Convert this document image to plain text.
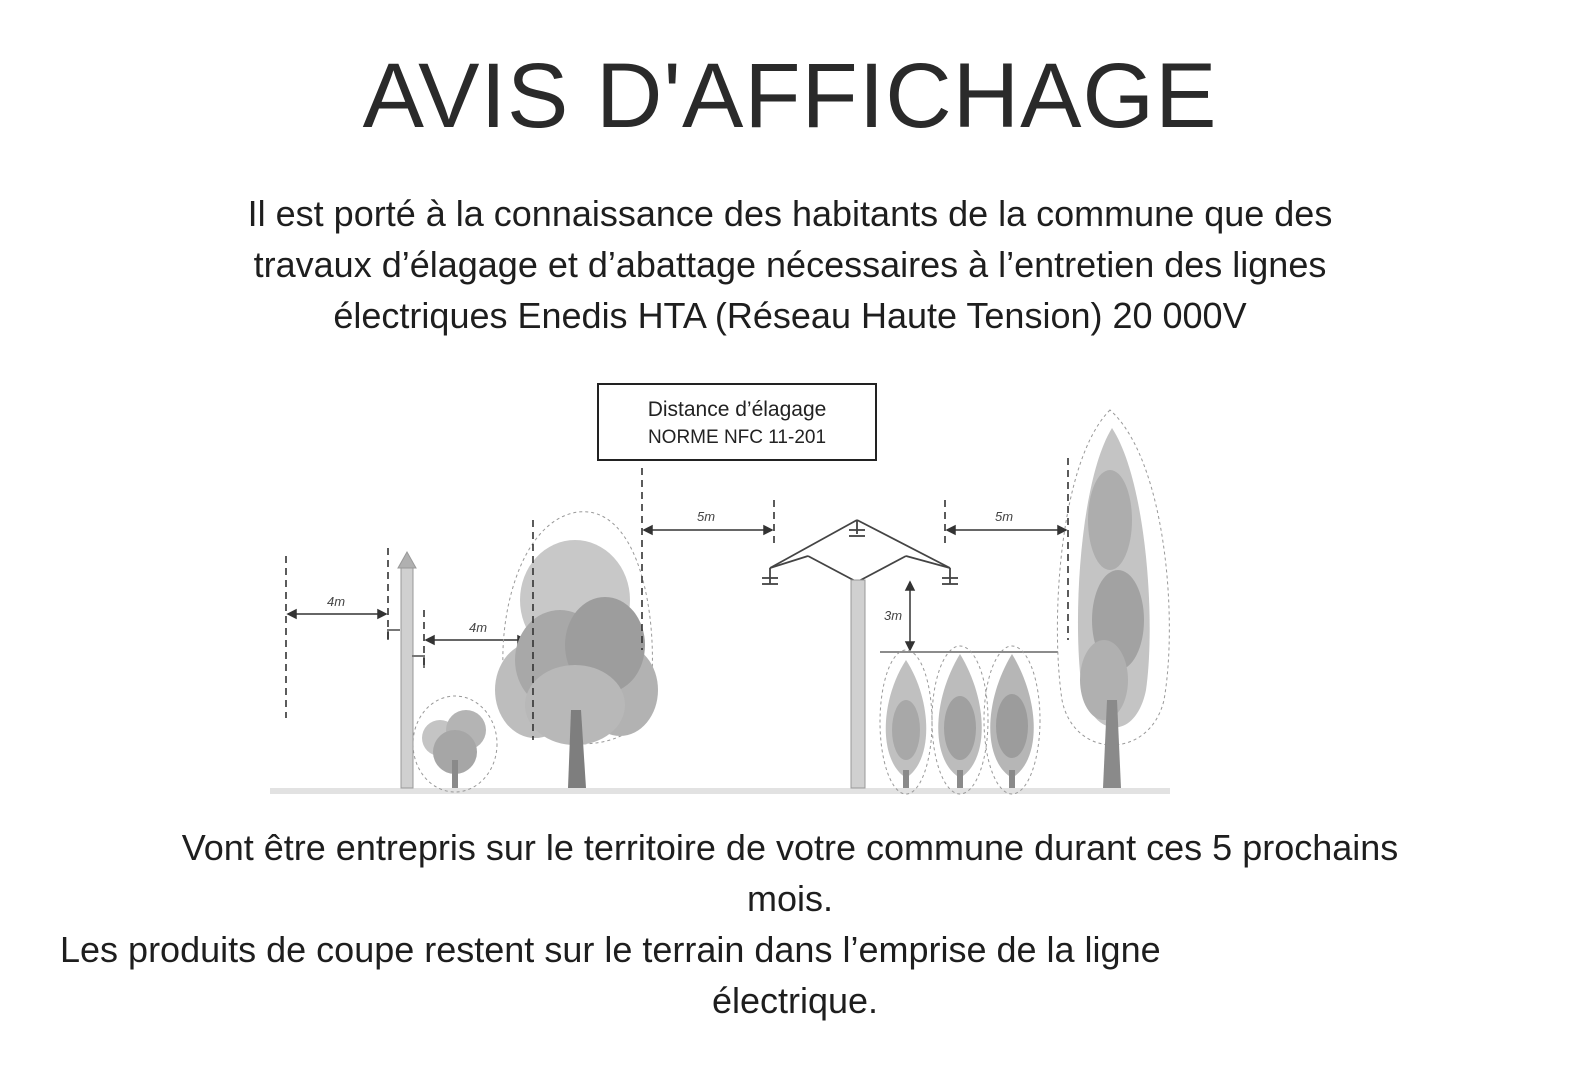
AVIS D'AFFICHAGE
Il est porté à la connaissance des habitants de la commune que des
travaux d’élagage et d’abattage nécessaires à l’entretien des lignes
électriques Enedis HTA (Réseau Haute Tension) 20 000V
Distance d’élagage
NORME NFC 11-201
4m
4m
5m	5m
3m
Vont être entrepris sur le territoire de votre commune durant ces 5 prochains
mois.
Les produits de coupe restent sur le terrain dans l’emprise de la ligne
électrique.
